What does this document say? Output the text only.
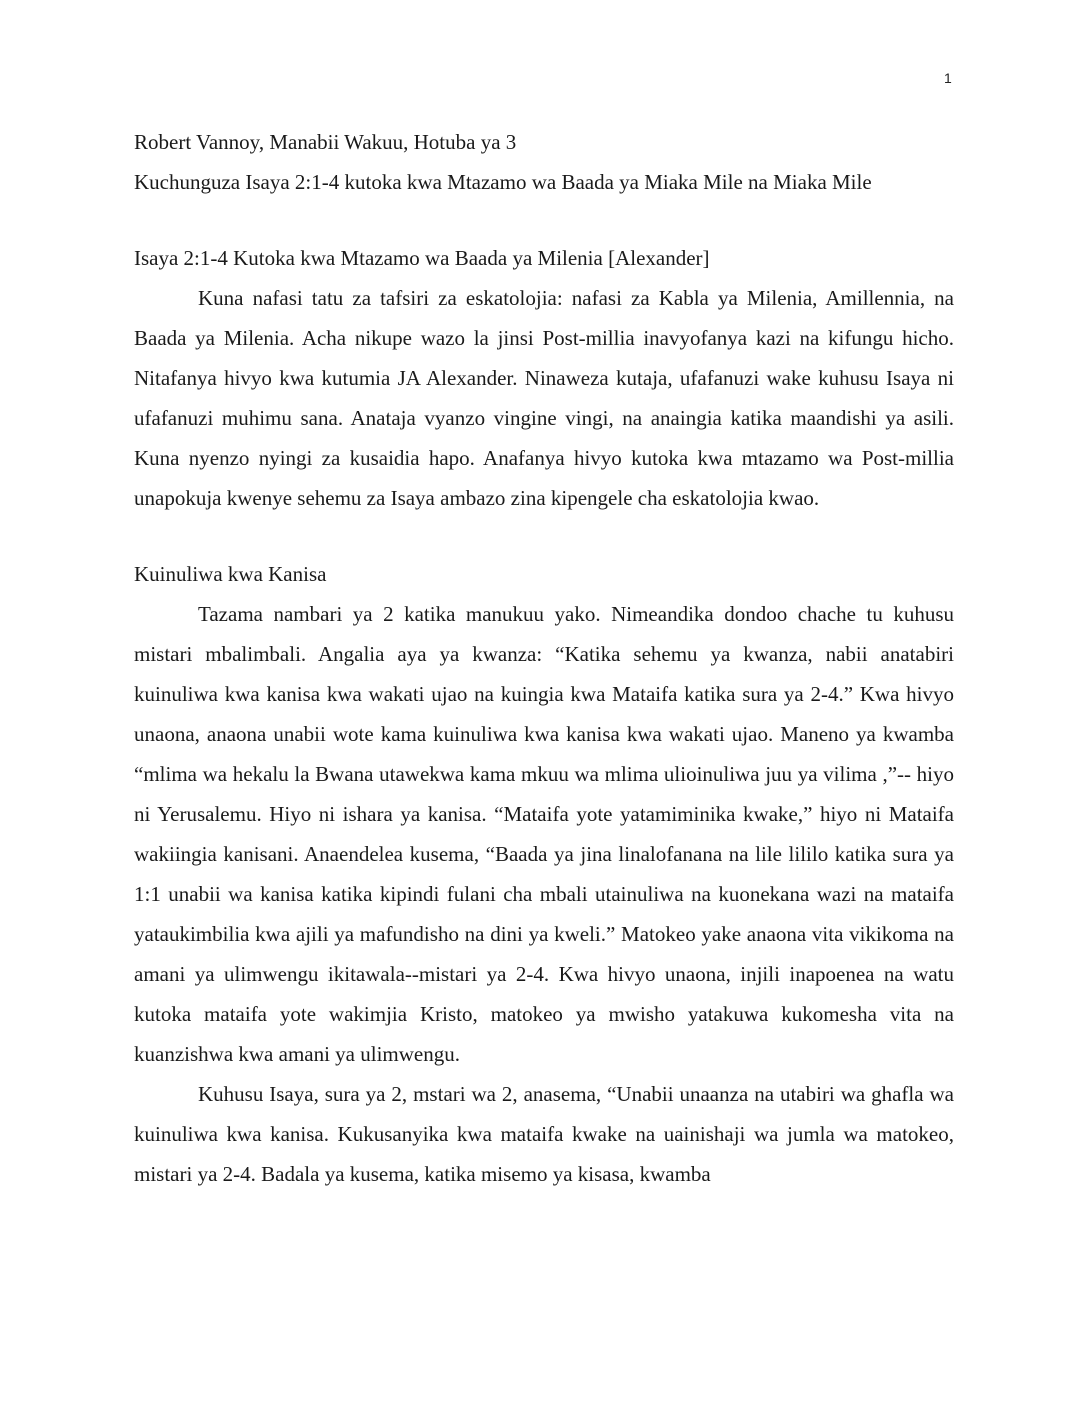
1

Robert Vannoy, Manabii Wakuu, Hotuba ya 3

Kuchunguza Isaya 2:1-4 kutoka kwa Mtazamo wa Baada ya Miaka Mile na Miaka Mile

Isaya 2:1-4 Kutoka kwa Mtazamo wa Baada ya Milenia [Alexander]

Kuna nafasi tatu za tafsiri za eskatolojia: nafasi za Kabla ya Milenia, Amillennia, na Baada ya Milenia. Acha nikupe wazo la jinsi Post-millia inavyofanya kazi na kifungu hicho. Nitafanya hivyo kwa kutumia JA Alexander. Ninaweza kutaja, ufafanuzi wake kuhusu Isaya ni ufafanuzi muhimu sana. Anataja vyanzo vingine vingi, na anaingia katika maandishi ya asili. Kuna nyenzo nyingi za kusaidia hapo. Anafanya hivyo kutoka kwa mtazamo wa Post-millia unapokuja kwenye sehemu za Isaya ambazo zina kipengele cha eskatolojia kwao.

Kuinuliwa kwa Kanisa

Tazama nambari ya 2 katika manukuu yako. Nimeandika dondoo chache tu kuhusu mistari mbalimbali. Angalia aya ya kwanza: “Katika sehemu ya kwanza, nabii anatabiri kuinuliwa kwa kanisa kwa wakati ujao na kuingia kwa Mataifa katika sura ya 2-4.” Kwa hivyo unaona, anaona unabii wote kama kuinuliwa kwa kanisa kwa wakati ujao. Maneno ya kwamba “mlima wa hekalu la Bwana utawekwa kama mkuu wa mlima ulioinuliwa juu ya vilima ,”-- hiyo ni Yerusalemu. Hiyo ni ishara ya kanisa. “Mataifa yote yatamiminika kwake,” hiyo ni Mataifa wakiingia kanisani. Anaendelea kusema, “Baada ya jina linalofanana na lile lililo katika sura ya 1:1 unabii wa kanisa katika kipindi fulani cha mbali utainuliwa na kuonekana wazi na mataifa yataukimbilia kwa ajili ya mafundisho na dini ya kweli.” Matokeo yake anaona vita vikikoma na amani ya ulimwengu ikitawala--mistari ya 2-4. Kwa hivyo unaona, injili inapoenea na watu kutoka mataifa yote wakimjia Kristo, matokeo ya mwisho yatakuwa kukomesha vita na kuanzishwa kwa amani ya ulimwengu.

Kuhusu Isaya, sura ya 2, mstari wa 2, anasema, “Unabii unaanza na utabiri wa ghafla wa kuinuliwa kwa kanisa. Kukusanyika kwa mataifa kwake na uainishaji wa jumla wa matokeo, mistari ya 2-4. Badala ya kusema, katika misemo ya kisasa, kwamba
